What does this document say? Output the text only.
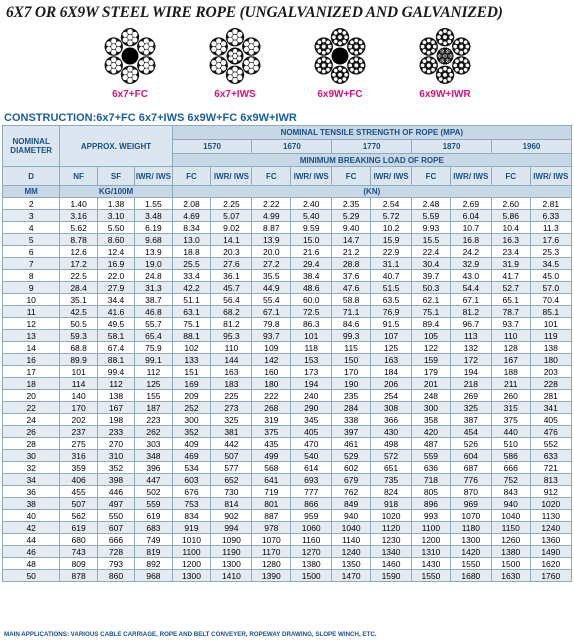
6X7 OR 6X9W STEEL WIRE ROPE (UNGALVANIZED AND GALVANIZED)
6x7+FC	6x7+IWS	6x9W+FC	6x9W+IWR
CONSTRUCTION:6x7+FC 6x7+IWS 6x9W+FC 6x9W+IWR
NOMINAL DIAMETER	APPROX. WEIGHT			NOMINAL TENSILE STRENGTH OF ROPE (MPA)									
				1570		1670		1770		1870		1960	
				MINIMUM BREAKING LOAD OF ROPE									
D	NF	SF	IWR/ IWS	FC	IWR/ IWS	FC	IWR/ IWS	FC	IWR/ IWS	FC	IWR/ IWS	FC	IWR/ IWS
MM	KG/100M			(KN)									
2	1.40	1.38	1.55	2.08	2.25	2.22	2.40	2.35	2.54	2.48	2.69	2.60	2.81
3	3.16	3.10	3.48	4.69	5.07	4.99	5.40	5.29	5.72	5.59	6.04	5.86	6.33
4	5.62	5.50	6.19	8.34	9.02	8.87	9.59	9.40	10.2	9.93	10.7	10.4	11.3
5	8.78	8.60	9.68	13.0	14.1	13.9	15.0	14.7	15.9	15.5	16.8	16.3	17.6
6	12.6	12.4	13.9	18.8	20.3	20.0	21.6	21.2	22.9	22.4	24.2	23.4	25.3
7	17.2	16.9	19.0	25.5	27.6	27.2	29.4	28.8	31.1	30.4	32.9	31.9	34.5
8	22.5	22.0	24.8	33.4	36.1	35.5	38.4	37.6	40.7	39.7	43.0	41.7	45.0
9	28.4	27.9	31.3	42.2	45.7	44.9	48.6	47.6	51.5	50.3	54.4	52.7	57.0
10	35.1	34.4	38.7	51.1	56.4	55.4	60.0	58.8	63.5	62.1	67.1	65.1	70.4
11	42.5	41.6	46.8	63.1	68.2	67.1	72.5	71.1	76.9	75.1	81.2	78.7	85.1
12	50.5	49.5	55.7	75.1	81.2	79.8	86.3	84.6	91.5	89.4	96.7	93.7	101
13	59.3	58.1	65.4	88.1	95.3	93.7	101	99.3	107	105	113	110	119
14	68.8	67.4	75.9	102	110	109	118	115	125	122	132	128	138
16	89.9	88.1	99.1	133	144	142	153	150	163	159	172	167	180
17	101	99.4	112	151	163	160	173	170	184	179	194	188	203
18	114	112	125	169	183	180	194	190	206	201	218	211	228
20	140	138	155	209	225	222	240	235	254	248	269	260	281
22	170	167	187	252	273	268	290	284	308	300	325	315	341
24	202	198	223	300	325	319	345	338	366	358	387	375	405
26	237	233	262	352	381	375	405	397	430	420	454	440	476
28	275	270	303	409	442	435	470	461	498	487	526	510	552
30	316	310	348	469	507	499	540	529	572	559	604	586	633
32	359	352	396	534	577	568	614	602	651	636	687	666	721
34	406	398	447	603	652	641	693	679	735	718	776	752	813
36	455	446	502	676	730	719	777	762	824	805	870	843	912
38	507	497	559	753	814	801	866	849	918	896	969	940	1020
40	562	550	619	834	902	887	959	940	1020	993	1070	1040	1130
42	619	607	683	919	994	978	1060	1040	1120	1100	1180	1150	1240
44	680	666	749	1010	1090	1070	1160	1140	1230	1200	1300	1260	1360
46	743	728	819	1100	1190	1170	1270	1240	1340	1310	1420	1380	1490
48	809	793	892	1200	1300	1280	1380	1350	1460	1430	1550	1500	1620
50	878	860	968	1300	1410	1390	1500	1470	1590	1550	1680	1630	1760
MAIN APPLICATIONS: VARIOUS CABLE CARRIAGE, ROPE AND BELT CONVEYER, ROPEWAY DRAWING, SLOPE WINCH, ETC.
